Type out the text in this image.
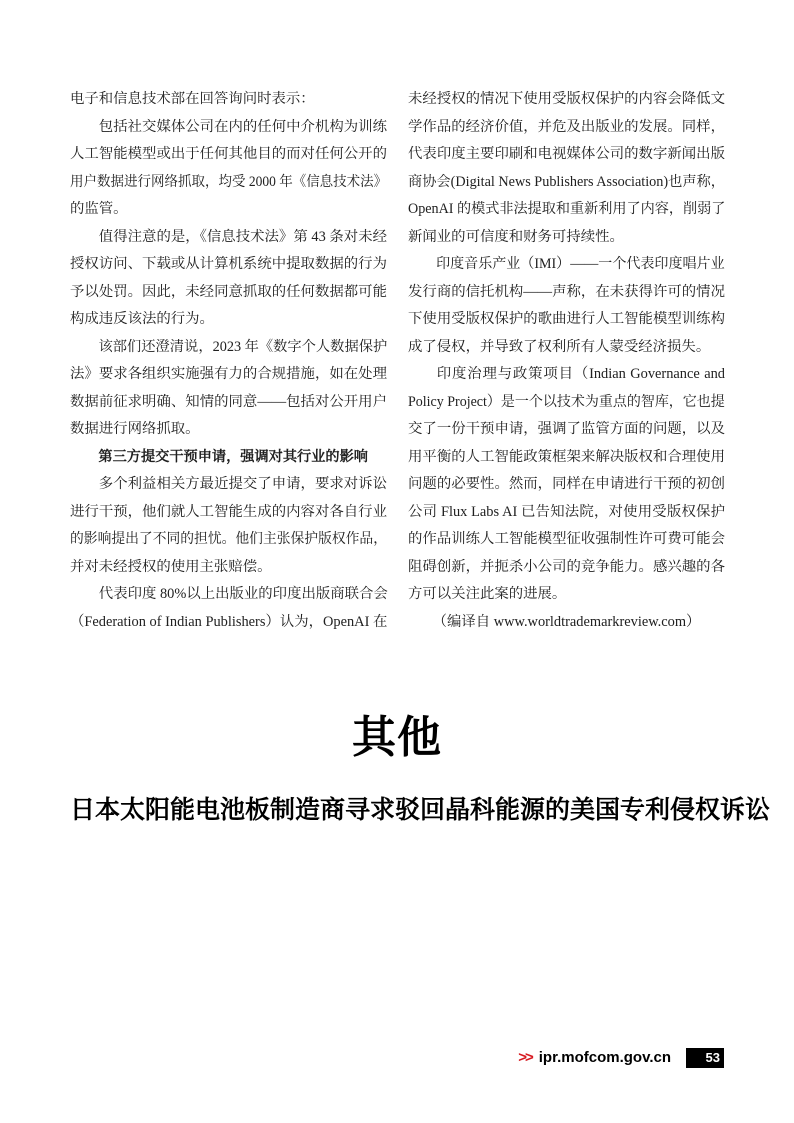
电子和信息技术部在回答询问时表示：
包括社交媒体公司在内的任何中介机构为训练
人工智能模型或出于任何其他目的而对任何公开的
用户数据进行网络抓取，均受 2000 年《信息技术法》
的监管。
值得注意的是，《信息技术法》第 43 条对未经
授权访问、下载或从计算机系统中提取数据的行为
予以处罚。因此，未经同意抓取的任何数据都可能
构成违反该法的行为。
该部们还澄清说，2023 年《数字个人数据保护
法》要求各组织实施强有力的合规措施，如在处理
数据前征求明确、知情的同意——包括对公开用户
数据进行网络抓取。
第三方提交干预申请，强调对其行业的影响
多个利益相关方最近提交了申请，要求对诉讼
进行干预，他们就人工智能生成的内容对各自行业
的影响提出了不同的担忧。他们主张保护版权作品，
并对未经授权的使用主张赔偿。
代表印度 80%以上出版业的印度出版商联合会
（Federation of Indian Publishers）认为，OpenAI 在
未经授权的情况下使用受版权保护的内容会降低文
学作品的经济价值，并危及出版业的发展。同样，
代表印度主要印刷和电视媒体公司的数字新闻出版
商协会(Digital News Publishers Association)也声称，
OpenAI 的模式非法提取和重新利用了内容，削弱了
新闻业的可信度和财务可持续性。
印度音乐产业（IMI）——一个代表印度唱片业
发行商的信托机构——声称，在未获得许可的情况
下使用受版权保护的歌曲进行人工智能模型训练构
成了侵权，并导致了权利所有人蒙受经济损失。
印度治理与政策项目（Indian Governance and
Policy Project）是一个以技术为重点的智库，它也提
交了一份干预申请，强调了监管方面的问题，以及
用平衡的人工智能政策框架来解决版权和合理使用
问题的必要性。然而，同样在申请进行干预的初创
公司 Flux Labs AI 已告知法院，对使用受版权保护
的作品训练人工智能模型征收强制性许可费可能会
阻碍创新，并扼杀小公司的竞争能力。感兴趣的各
方可以关注此案的进展。
（编译自 www.worldtrademarkreview.com）
其他
日本太阳能电池板制造商寻求驳回晶科能源的美国专利侵权诉讼
>> ipr.mofcom.gov.cn	53
